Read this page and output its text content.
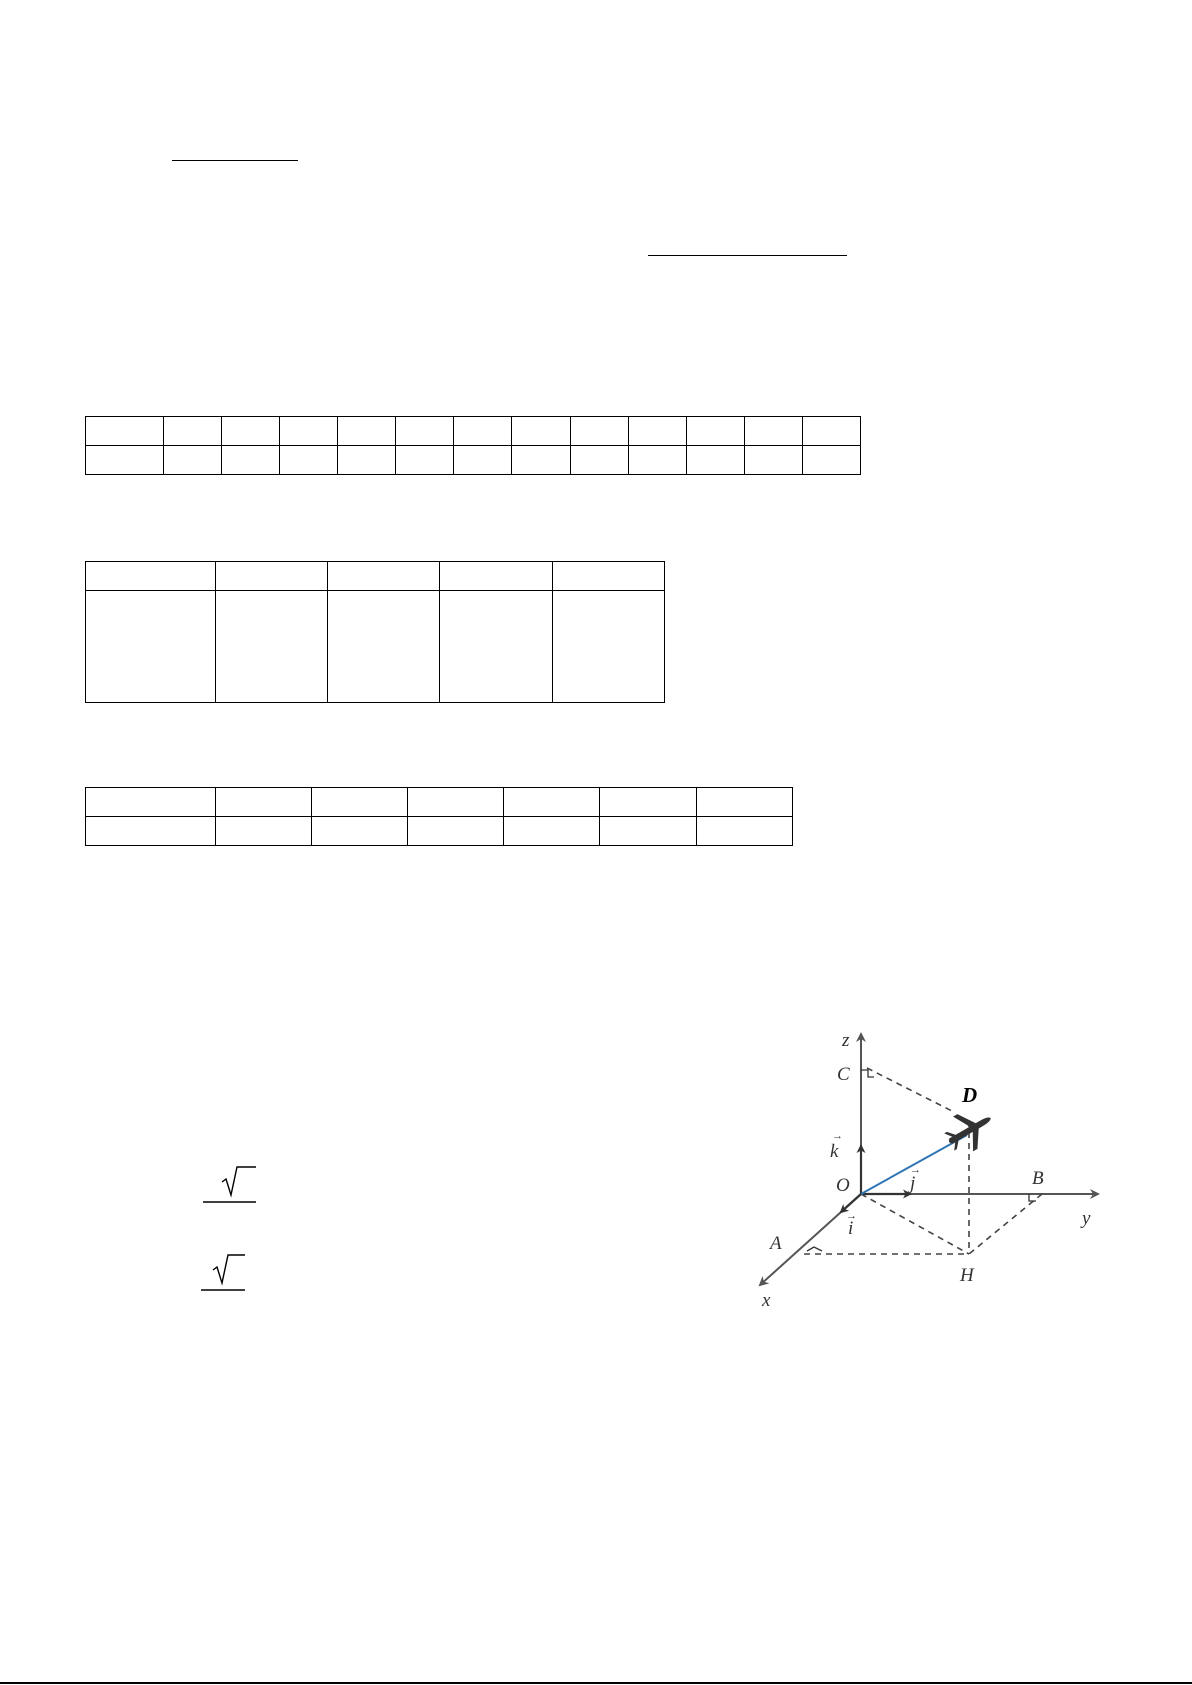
z
C
D
k
→
O	j
→	B
y
i
→
A
H
x
